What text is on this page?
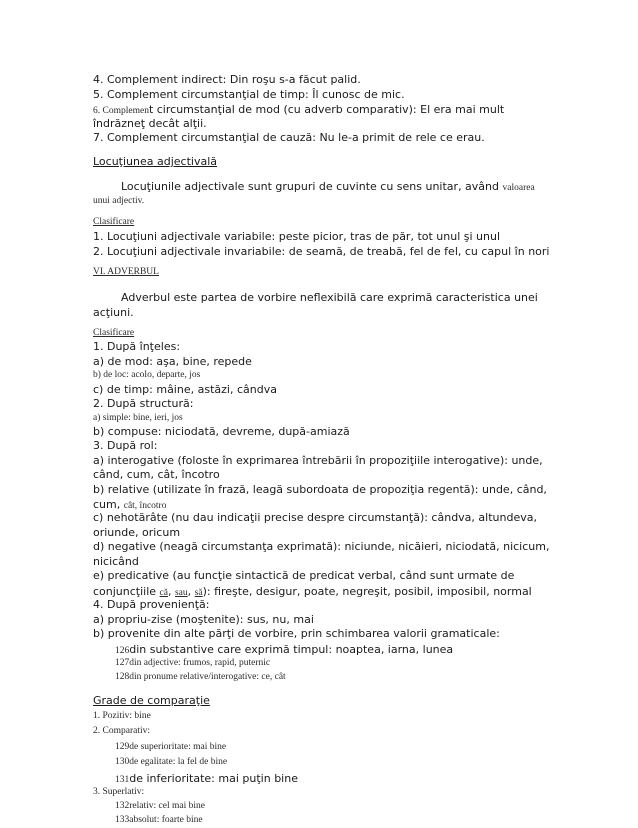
4. Complement indirect: Din roşu s-a făcut palid.
5. Complement circumstanţial de timp: Îl cunosc de mic.
6. Complement circumstanţial de mod (cu adverb comparativ): El era mai mult
îndrăzneţ decât alţii.
7. Complement circumstanţial de cauză: Nu le-a primit de rele ce erau.
Locuţiunea adjectivală
Locuţiunile adjectivale sunt grupuri de cuvinte cu sens unitar, având valoarea
unui adjectiv.
Clasificare
1. Locuţiuni adjectivale variabile: peste picior, tras de păr, tot unul şi unul
2. Locuţiuni adjectivale invariabile: de seamă, de treabă, fel de fel, cu capul în nori
VI. ADVERBUL
Adverbul este partea de vorbire neflexibilă care exprimă caracteristica unei
acţiuni.
Clasificare
1. După înţeles:
a) de mod: aşa, bine, repede
b) de loc: acolo, departe, jos
c) de timp: mâine, astăzi, cândva
2. După structură:
a) simple: bine, ieri, jos
b) compuse: niciodată, devreme, după-amiază
3. După rol:
a) interogative (foloste în exprimarea întrebării în propoziţiile interogative): unde,
când, cum, cât, încotro
b) relative (utilizate în frază, leagă subordoata de propoziţia regentă): unde, când,
cum, cât, încotro
c) nehotărâte (nu dau indicaţii precise despre circumstanţă): cândva, altundeva,
oriunde, oricum
d) negative (neagă circumstanţa exprimată): niciunde, nicăieri, niciodată, nicicum,
nicicând
e) predicative (au funcţie sintactică de predicat verbal, când sunt urmate de
conjuncţiile că, sau, să): fireşte, desigur, poate, negreşit, posibil, imposibil, normal
4. După provenienţă:
a) propriu-zise (moştenite): sus, nu, mai
b) provenite din alte părţi de vorbire, prin schimbarea valorii gramaticale:
126din substantive care exprimă timpul: noaptea, iarna, lunea
127din adjective: frumos, rapid, puternic
128din pronume relative/interogative: ce, cât
Grade de comparaţie
1. Pozitiv: bine
2. Comparativ:
129de superioritate: mai bine
130de egalitate: la fel de bine
131de inferioritate: mai puţin bine
3. Superlativ:
132relativ: cel mai bine
133absolut: foarte bine
